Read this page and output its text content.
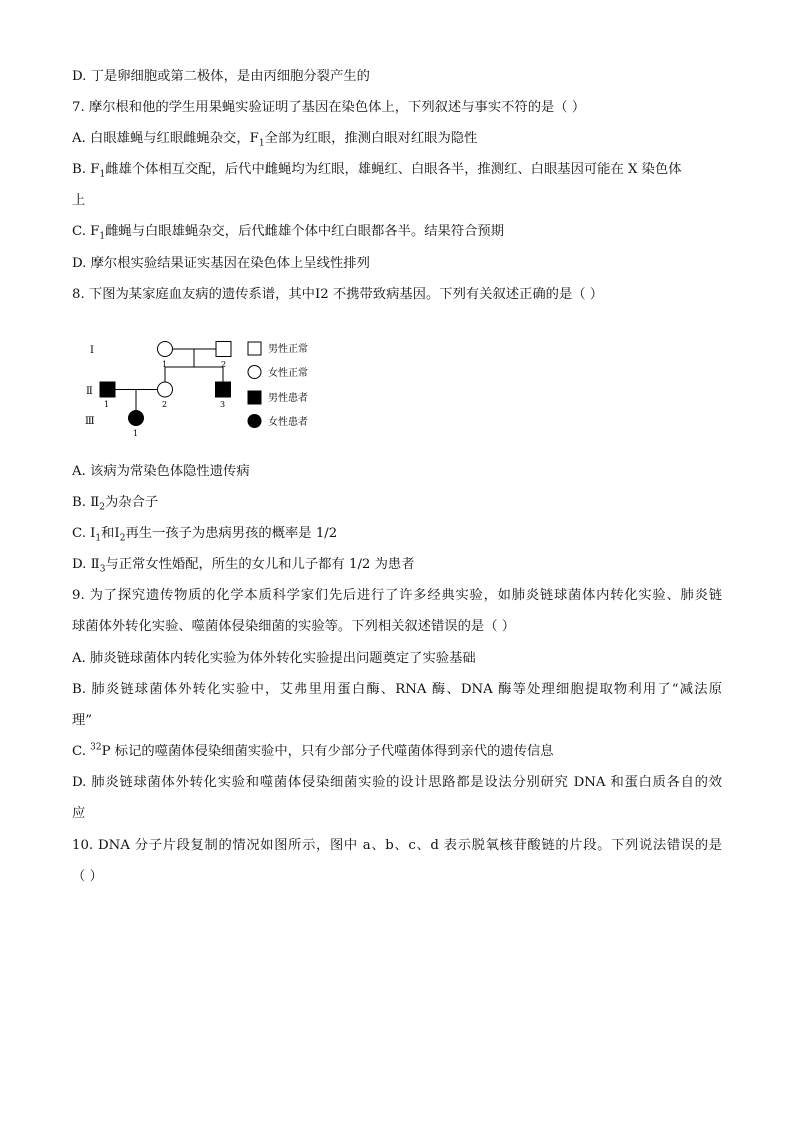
D. 丁是卵细胞或第二极体，是由丙细胞分裂产生的
7. 摩尔根和他的学生用果蝇实验证明了基因在染色体上，下列叙述与事实不符的是（ ）
A. 白眼雄蝇与红眼雌蝇杂交，$F_1$全部为红眼，推测白眼对红眼为隐性
B. $F_1$雌雄个体相互交配，后代中雌蝇均为红眼，雄蝇红、白眼各半，推测红、白眼基因可能在 X 染色体
上
C. $F_1$雌蝇与白眼雄蝇杂交，后代雌雄个体中红白眼都各半。结果符合预期
D. 摩尔根实验结果证实基因在染色体上呈线性排列
8. 下图为某家庭血友病的遗传系谱，其中Ⅰ2 不携带致病基因。下列有关叙述正确的是（ ）
Ⅰ
Ⅱ
Ⅲ
1	2
1	2	3
1
男性正常
女性正常
男性患者
女性患者
A. 该病为常染色体隐性遗传病
B. $Ⅱ_2$为杂合子
C. $Ⅰ_1$和$Ⅰ_2$再生一孩子为患病男孩的概率是 1/2
D. $Ⅱ_3$与正常女性婚配，所生的女儿和儿子都有 1/2 为患者
9. 为了探究遗传物质的化学本质科学家们先后进行了许多经典实验，如肺炎链球菌体内转化实验、肺炎链
球菌体外转化实验、噬菌体侵染细菌的实验等。下列相关叙述错误的是（ ）
A. 肺炎链球菌体内转化实验为体外转化实验提出问题奠定了实验基础
B. 肺炎链球菌体外转化实验中，艾弗里用蛋白酶、RNA 酶、DNA 酶等处理细胞提取物利用了“减法原
理”
C. $^{32}$P 标记的噬菌体侵染细菌实验中，只有少部分子代噬菌体得到亲代的遗传信息
D. 肺炎链球菌体外转化实验和噬菌体侵染细菌实验的设计思路都是设法分别研究 DNA 和蛋白质各自的效
应
10. DNA 分子片段复制的情况如图所示，图中 a、b、c、d 表示脱氧核苷酸链的片段。下列说法错误的是
（ ）
